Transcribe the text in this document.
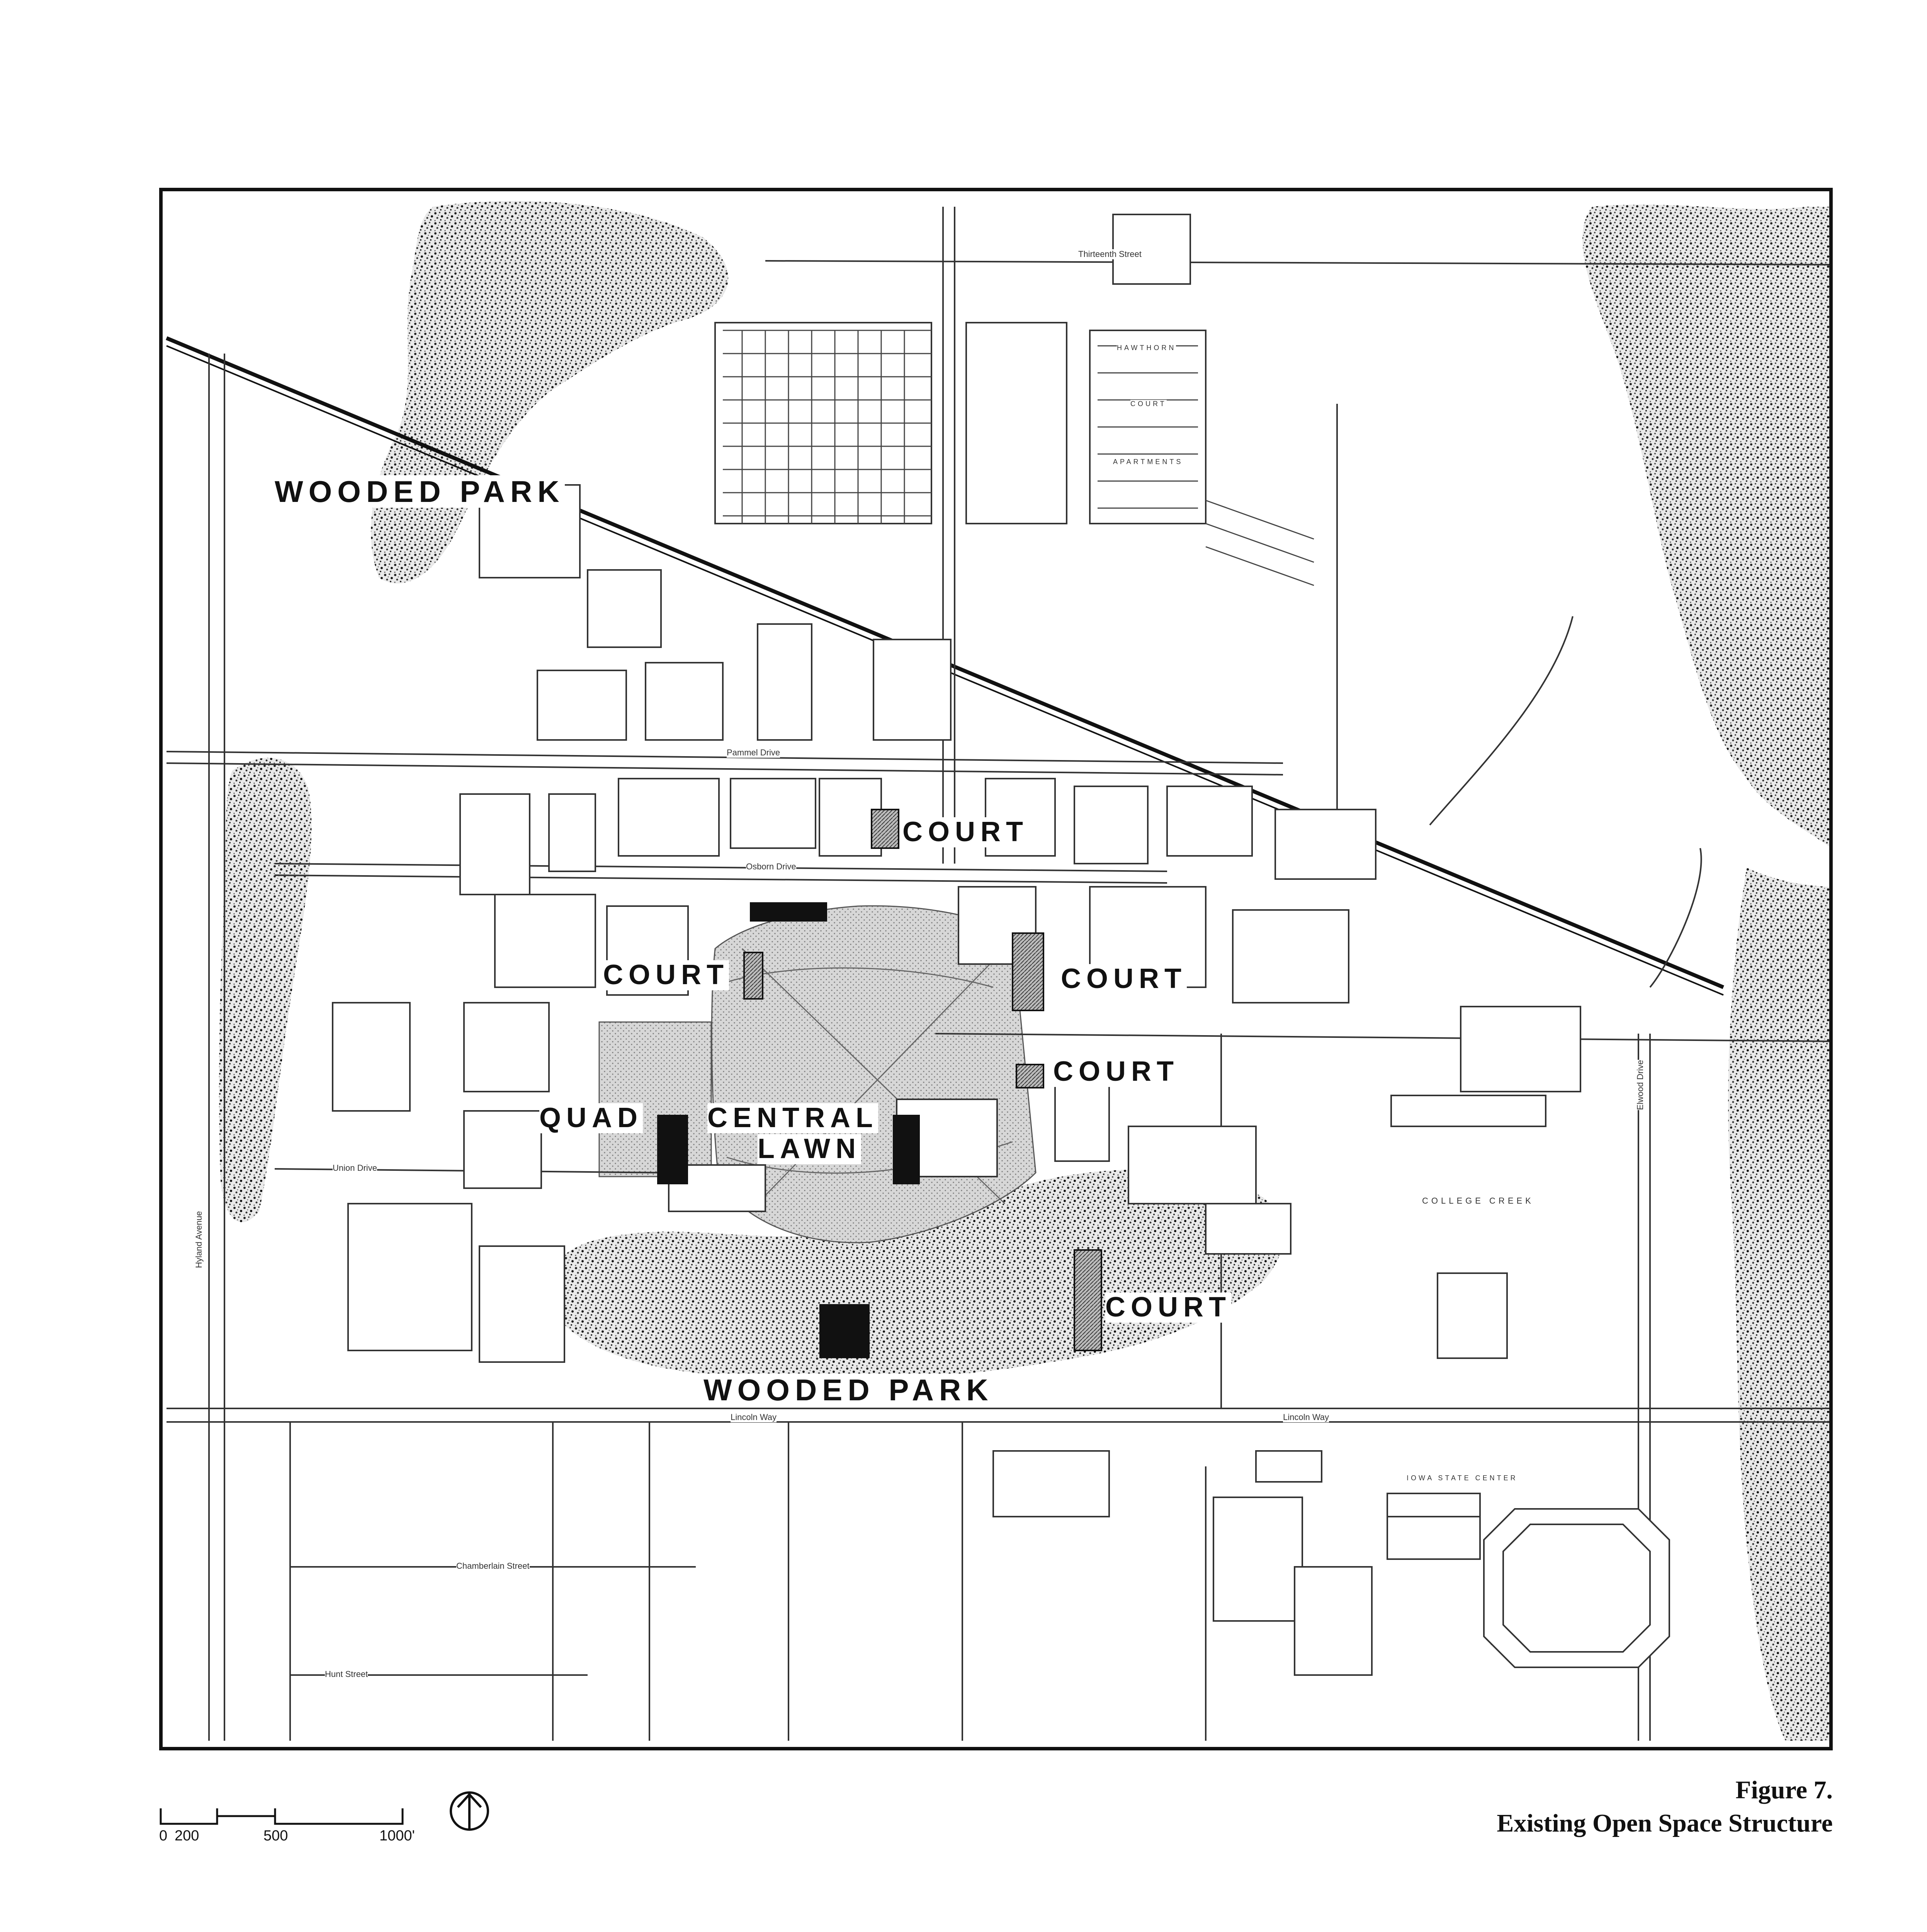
WOODED PARK
COURT
COURT	COURT
COURT
QUAD CENTRAL
LAWN
COURT
WOODED PARK
Thirteenth Street
Pammel Drive
Osborn Drive
Union Drive
Lincoln Way	Lincoln Way
Chamberlain Street
Hunt Street
Hyland Avenue
Elwood Drive
COLLEGE CREEK
HAWTHORN
COURT
APARTMENTS
IOWA STATE CENTER
0 200	500	1000'
Figure 7.
Existing Open Space Structure
